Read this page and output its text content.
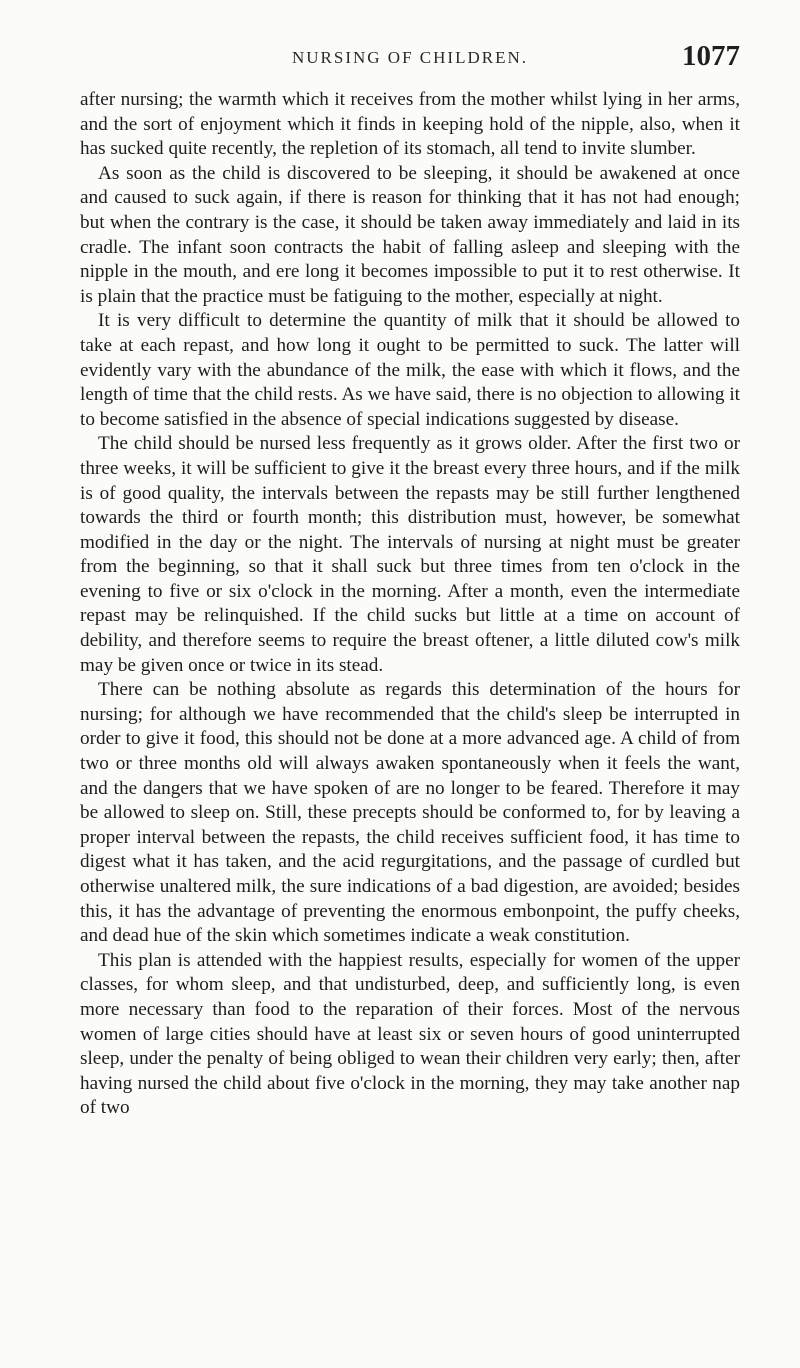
NURSING OF CHILDREN.	1077

after nursing; the warmth which it receives from the mother whilst lying in her arms, and the sort of enjoyment which it finds in keeping hold of the nipple, also, when it has sucked quite recently, the repletion of its stomach, all tend to invite slumber.

As soon as the child is discovered to be sleeping, it should be awakened at once and caused to suck again, if there is reason for thinking that it has not had enough; but when the contrary is the case, it should be taken away immediately and laid in its cradle. The infant soon contracts the habit of falling asleep and sleeping with the nipple in the mouth, and ere long it becomes impossible to put it to rest otherwise. It is plain that the practice must be fatiguing to the mother, especially at night.

It is very difficult to determine the quantity of milk that it should be allowed to take at each repast, and how long it ought to be permitted to suck. The latter will evidently vary with the abundance of the milk, the ease with which it flows, and the length of time that the child rests. As we have said, there is no objection to allowing it to become satisfied in the absence of special indications suggested by disease.

The child should be nursed less frequently as it grows older. After the first two or three weeks, it will be sufficient to give it the breast every three hours, and if the milk is of good quality, the intervals between the repasts may be still further lengthened towards the third or fourth month; this distribution must, however, be somewhat modified in the day or the night. The intervals of nursing at night must be greater from the beginning, so that it shall suck but three times from ten o'clock in the evening to five or six o'clock in the morning. After a month, even the intermediate repast may be relinquished. If the child sucks but little at a time on account of debility, and therefore seems to require the breast oftener, a little diluted cow's milk may be given once or twice in its stead.

There can be nothing absolute as regards this determination of the hours for nursing; for although we have recommended that the child's sleep be interrupted in order to give it food, this should not be done at a more advanced age. A child of from two or three months old will always awaken spontaneously when it feels the want, and the dangers that we have spoken of are no longer to be feared. Therefore it may be allowed to sleep on. Still, these precepts should be conformed to, for by leaving a proper interval between the repasts, the child receives sufficient food, it has time to digest what it has taken, and the acid regurgitations, and the passage of curdled but otherwise unaltered milk, the sure indications of a bad digestion, are avoided; besides this, it has the advantage of preventing the enormous embonpoint, the puffy cheeks, and dead hue of the skin which sometimes indicate a weak constitution.

This plan is attended with the happiest results, especially for women of the upper classes, for whom sleep, and that undisturbed, deep, and sufficiently long, is even more necessary than food to the reparation of their forces. Most of the nervous women of large cities should have at least six or seven hours of good uninterrupted sleep, under the penalty of being obliged to wean their children very early; then, after having nursed the child about five o'clock in the morning, they may take another nap of two
